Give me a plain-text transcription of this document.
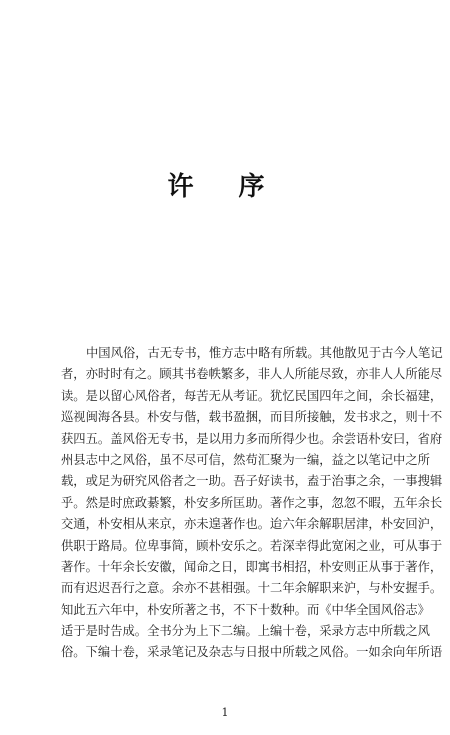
许 序
中国风俗，古无专书，惟方志中略有所载。其他散见于古今人笔记
者，亦时时有之。顾其书卷帙繁多，非人人所能尽致，亦非人人所能尽
读。是以留心风俗者，每苦无从考证。犹忆民国四年之间，余长福建，
巡视闽海各县。朴安与偕，载书盈捆，而目所接触，发书求之，则十不
获四五。盖风俗无专书，是以用力多而所得少也。余尝语朴安曰，省府
州县志中之风俗，虽不尽可信，然苟汇聚为一编，益之以笔记中之所
载，或足为研究风俗者之一助。吾子好读书，盍于治事之余，一事搜辑
乎。然是时庶政綦繁，朴安多所匡助。著作之事，忽忽不暇，五年余长
交通，朴安相从来京，亦未遑著作也。迨六年余解职居津，朴安回沪，
供职于路局。位卑事简，顾朴安乐之。若深幸得此宽闲之业，可从事于
著作。十年余长安徽，闻命之日，即寓书相招，朴安则正从事于著作，
而有迟迟吾行之意。余亦不甚相强。十二年余解职来沪，与朴安握手。
知此五六年中，朴安所著之书，不下十数种。而《中华全国风俗志》
适于是时告成。全书分为上下二编。上编十卷，采录方志中所载之风
俗。下编十卷，采录笔记及杂志与日报中所载之风俗。一如余向年所语
1
